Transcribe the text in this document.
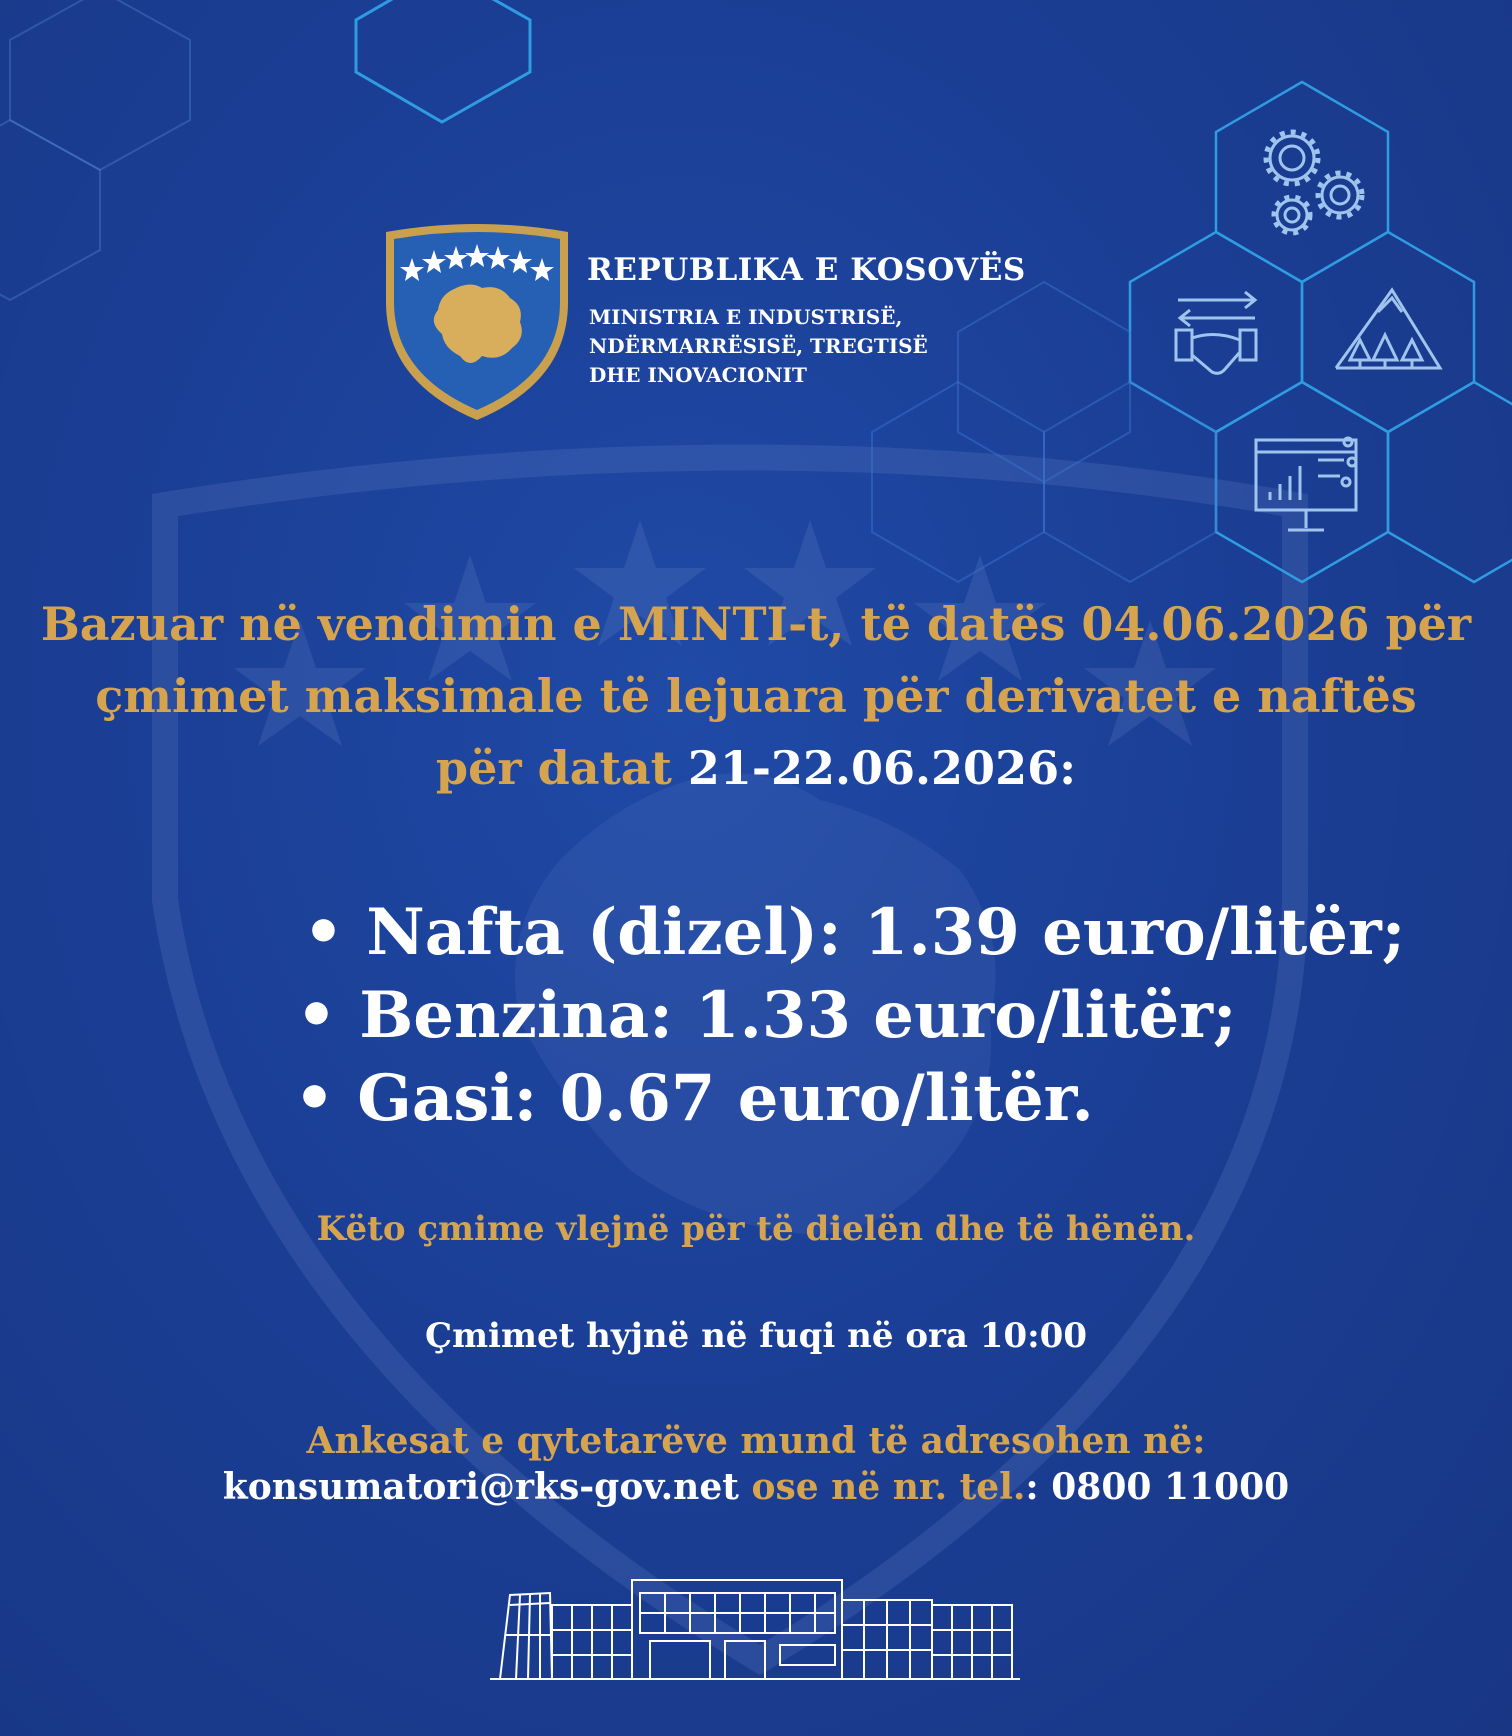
REPUBLIKA E KOSOVËS
MINISTRIA E INDUSTRISË,
NDËRMARRËSISË, TREGTISË
DHE INOVACIONIT
Bazuar në vendimin e MINTI-t, të datës 04.06.2026 për
çmimet maksimale të lejuara për derivatet e naftës
për datat 21-22.06.2026:
• Nafta (dizel): 1.39 euro/litër;
• Benzina: 1.33 euro/litër;
• Gasi: 0.67 euro/litër.
Këto çmime vlejnë për të dielën dhe të hënën.
Çmimet hyjnë në fuqi në ora 10:00
Ankesat e qytetarëve mund të adresohen në:
konsumatori@rks-gov.net ose në nr. tel.: 0800 11000
